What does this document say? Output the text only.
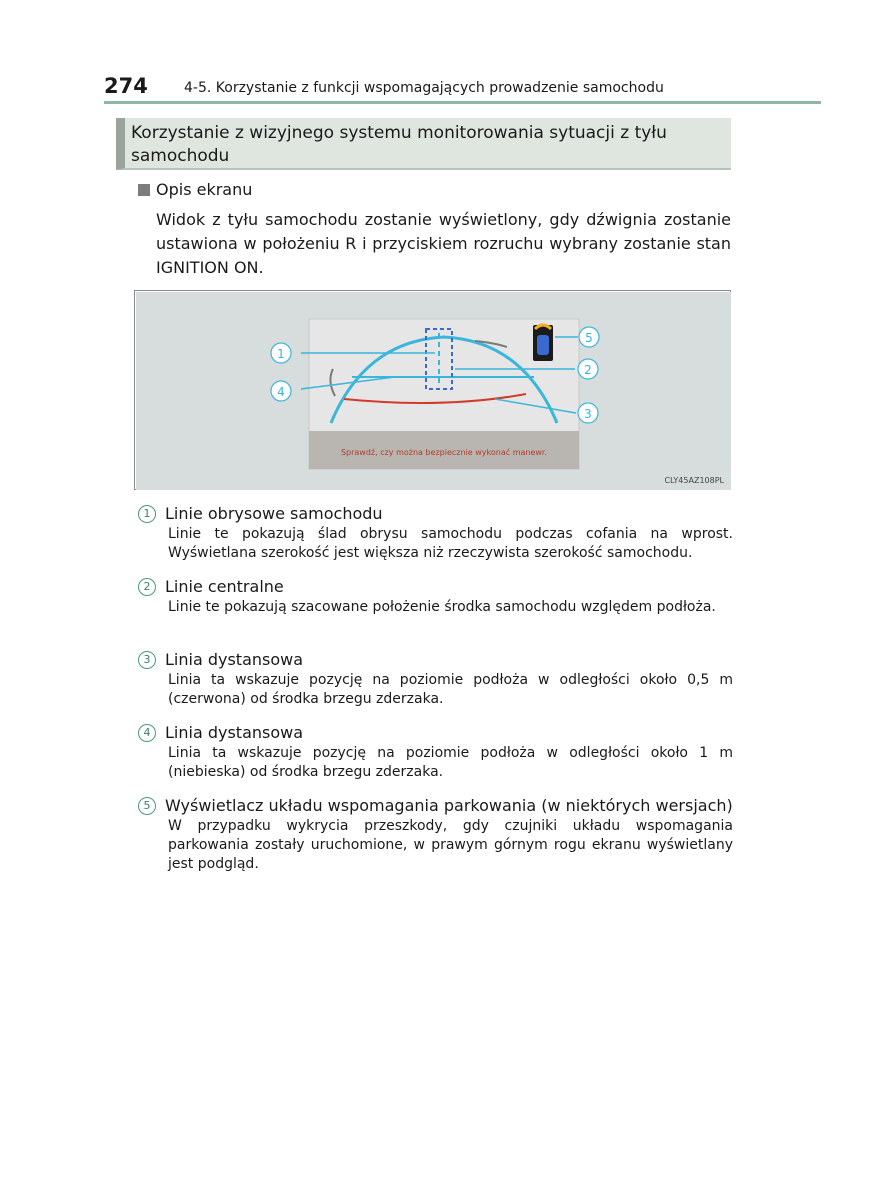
274	4-5. Korzystanie z funkcji wspomagających prowadzenie samochodu
Korzystanie z wizyjnego systemu monitorowania sytuacji z tyłu samochodu
Opis ekranu
Widok z tyłu samochodu zostanie wyświetlony, gdy dźwignia zostanie ustawiona w położeniu R i przyciskiem rozruchu wybrany zostanie stan IGNITION ON.
Sprawdź, czy można bezpiecznie wykonać manewr.
1
4
5
2
3
CLY45AZ108PL
1 Linie obrysowe samochodu
Linie te pokazują ślad obrysu samochodu podczas cofania na wprost. Wyświetlana szerokość jest większa niż rzeczywista szerokość samochodu.
2 Linie centralne
Linie te pokazują szacowane położenie środka samochodu względem podłoża.
3 Linia dystansowa
Linia ta wskazuje pozycję na poziomie podłoża w odległości około 0,5 m (czerwona) od środka brzegu zderzaka.
4 Linia dystansowa
Linia ta wskazuje pozycję na poziomie podłoża w odległości około 1 m (niebieska) od środka brzegu zderzaka.
5 Wyświetlacz układu wspomagania parkowania (w niektórych wersjach)
W przypadku wykrycia przeszkody, gdy czujniki układu wspomagania parkowania zostały uruchomione, w prawym górnym rogu ekranu wyświetlany jest podgląd.
